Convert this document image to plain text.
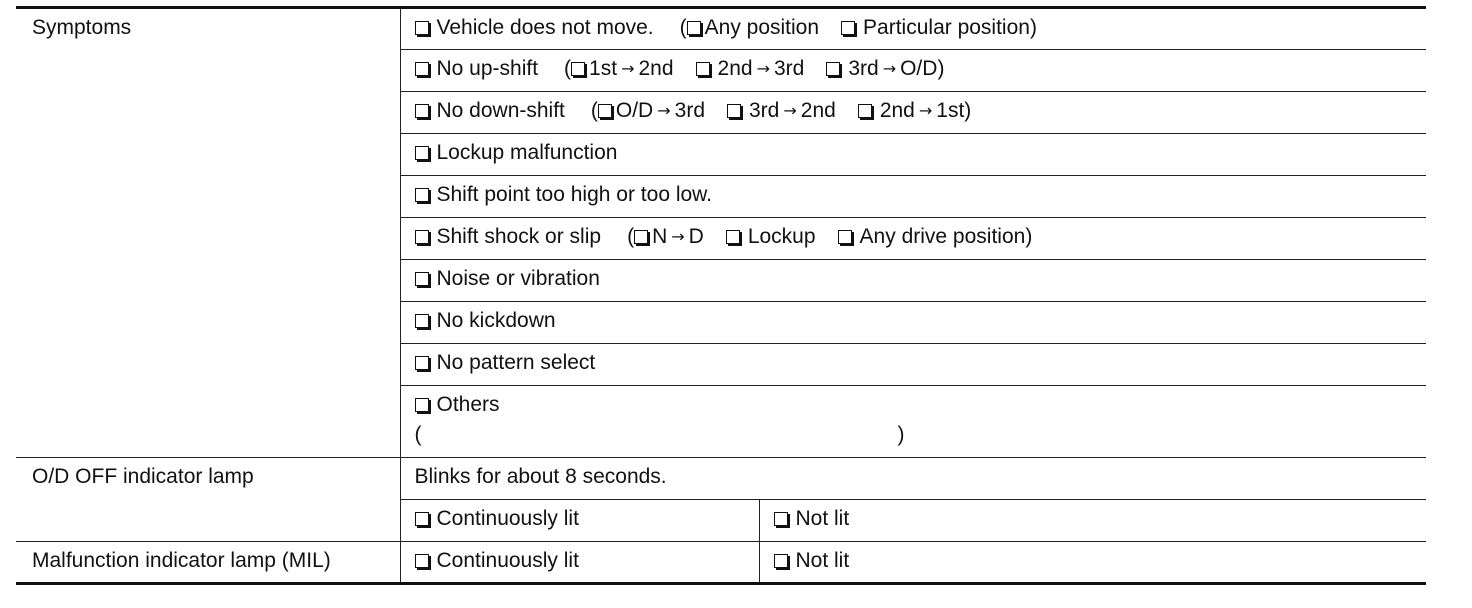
Symptoms	Vehicle does not move. ( Any position Particular position)	
	No up-shift ( 1st → 2nd 2nd → 3rd 3rd → O/D)	
	No down-shift ( O/D → 3rd 3rd → 2nd 2nd → 1st)	
	Lockup malfunction	
	Shift point too high or too low.	
	Shift shock or slip ( N → D Lockup Any drive position)	
	Noise or vibration	
	No kickdown	
	No pattern select	
	Others
( )	

O/D OFF indicator lamp	Blinks for about 8 seconds.	
	Continuously lit	Not lit
Malfunction indicator lamp (MIL)	Continuously lit	Not lit
